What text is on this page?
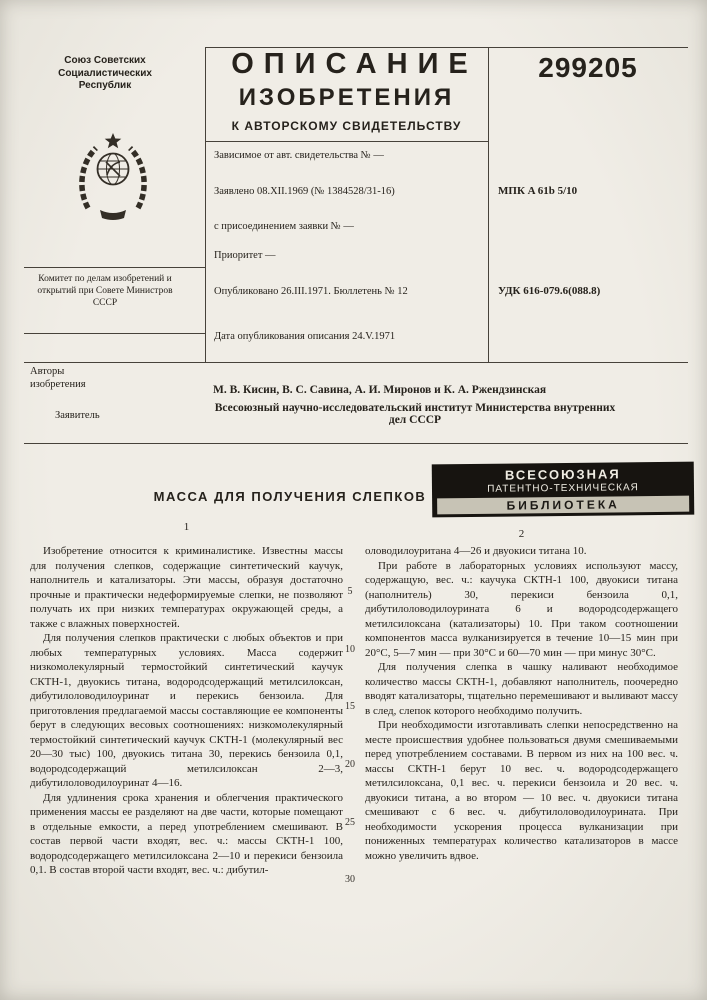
Союз Советских Социалистических Республик
Комитет по делам изобретений и открытий при Совете Министров СССР
ОПИСАНИЕ
ИЗОБРЕТЕНИЯ
К АВТОРСКОМУ СВИДЕТЕЛЬСТВУ
299205
Зависимое от авт. свидетельства № —
Заявлено 08.XII.1969 (№ 1384528/31-16)
с присоединением заявки № —
Приоритет —
Опубликовано 26.III.1971. Бюллетень № 12
Дата опубликования описания 24.V.1971
МПК A 61b 5/10
УДК 616-079.6(088.8)
Авторы изобретения	М. В. Кисин, В. С. Савина, А. И. Миронов и К. А. Ржендзинская
Заявитель
Всесоюзный научно-исследовательский институт Министерства внутренних дел СССР
МАССА ДЛЯ ПОЛУЧЕНИЯ СЛЕПКОВ
ВСЕСОЮЗНАЯ
ПАТЕНТНО-ТЕХНИЧЕСКАЯ
БИБЛИОТЕКА
1
2

Изобретение относится к криминалистике. Известны массы для получения слепков, содержащие синтетический каучук, наполнитель и катализаторы. Эти массы, образуя достаточно прочные и практически недеформируемые слепки, не позволяют получать их при низких температурах окружающей среды, а также с влажных поверхностей.

Для получения слепков практически с любых объектов и при любых температурных условиях. Масса содержит низкомолекулярный термостойкий синтетический каучук СКТН-1, двуокись титана, водородсодержащий метилсилоксан, дибутилоловодилоуринат и перекись бензоила. Для приготовления предлагаемой массы составляющие ее компоненты берут в следующих весовых соотношениях: низкомолекулярный термостойкий синтетический каучук СКТН-1 (молекулярный вес 20—30 тыс) 100, двуокись титана 30, перекись бензоила 0,1, водородсодержащий метилсилоксан 2—3, дибутилоловодилоуринат 4—16.

Для удлинения срока хранения и облегчения практического применения массы ее разделяют на две части, которые помещают в отдельные емкости, а перед употреблением смешивают. В состав первой части входят, вес. ч.: массы СКТН-1 100, водородсодержащего метилсилоксана 2—10 и перекиси бензоила 0,1. В состав второй части входят, вес. ч.: дибутил-

оловодилоуритана 4—26 и двуокиси титана 10.

При работе в лабораторных условиях используют массу, содержащую, вес. ч.: каучука СКТН-1 100, двуокиси титана (наполнитель) 30, перекиси бензоила 0,1, дибутилоловодилоурината 6 и водородсодержащего метилсилоксана (катализаторы) 10. При таком соотношении компонентов масса вулканизируется в течение 10—15 мин при 20°С, 5—7 мин — при 30°С и 60—70 мин — при минус 30°С.

Для получения слепка в чашку наливают необходимое количество массы СКТН-1, добавляют наполнитель, поочередно вводят катализаторы, тщательно перемешивают и выливают массу в след, слепок которого необходимо получить.

При необходимости изготавливать слепки непосредственно на месте происшествия удобнее пользоваться двумя смешиваемыми перед употреблением составами. В первом из них на 100 вес. ч. массы СКТН-1 берут 10 вес. ч. водородсодержащего метилсилоксана, 0,1 вес. ч. перекиси бензоила и 20 вес. ч. двуокиси титана, а во втором — 10 вес. ч. двуокиси титана смешивают с 6 вес. ч. дибутилоловодилоурината. При необходимости ускорения процесса вулканизации при пониженных температурах количество катализаторов в массе можно увеличить вдвое.

5
10
15
20
25
30
